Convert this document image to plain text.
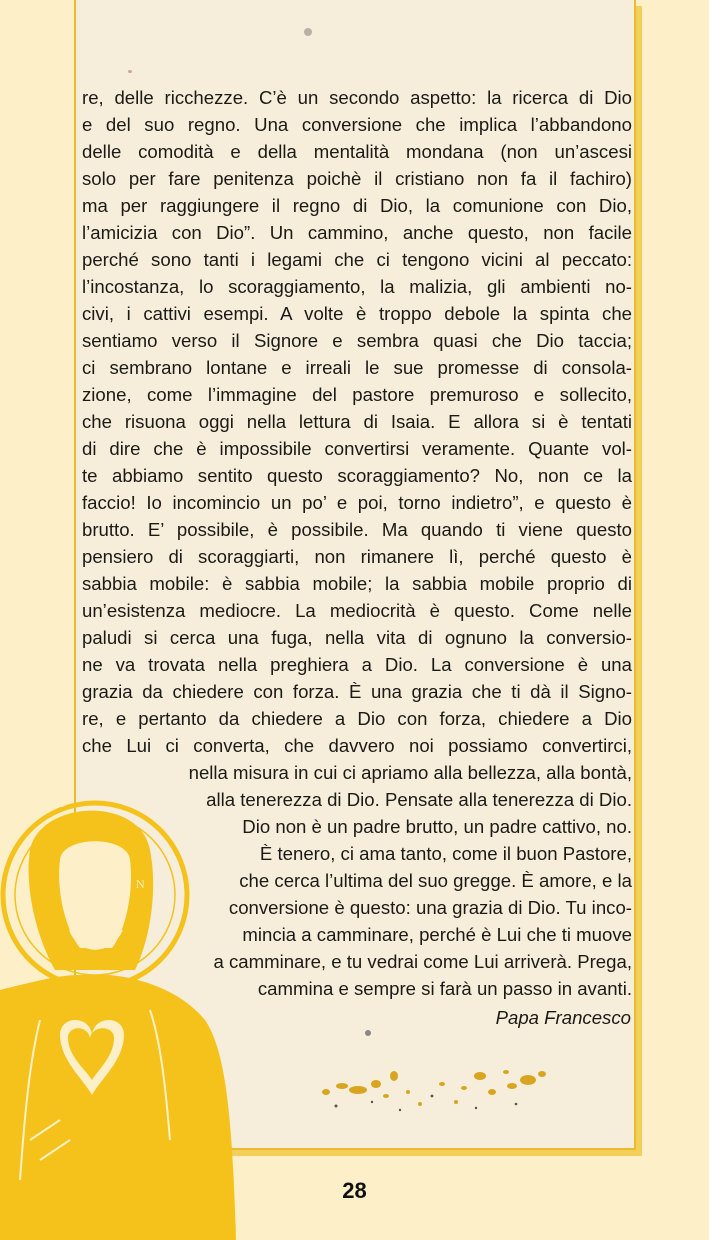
Ó
N
re, delle ricchezze. C’è un secondo aspetto: la ricerca di Dio
e del suo regno. Una conversione che implica l’abbandono
delle comodità e della mentalità mondana (non un’ascesi
solo per fare penitenza poichè il cristiano non fa il fachiro)
ma per raggiungere il regno di Dio, la comunione con Dio,
l’amicizia con Dio”. Un cammino, anche questo, non facile
perché sono tanti i legami che ci tengono vicini al peccato:
l’incostanza, lo scoraggiamento, la malizia, gli ambienti no-
civi, i cattivi esempi. A volte è troppo debole la spinta che
sentiamo verso il Signore e sembra quasi che Dio taccia;
ci sembrano lontane e irreali le sue promesse di consola-
zione, come l’immagine del pastore premuroso e sollecito,
che risuona oggi nella lettura di Isaia. E allora si è tentati
di dire che è impossibile convertirsi veramente. Quante vol-
te abbiamo sentito questo scoraggiamento? No, non ce la
faccio! Io incomincio un po’ e poi, torno indietro”, e questo è
brutto. E’ possibile, è possibile. Ma quando ti viene questo
pensiero di scoraggiarti, non rimanere lì, perché questo è
sabbia mobile: è sabbia mobile; la sabbia mobile proprio di
un’esistenza mediocre. La mediocrità è questo. Come nelle
paludi si cerca una fuga, nella vita di ognuno la conversio-
ne va trovata nella preghiera a Dio. La conversione è una
grazia da chiedere con forza. È una grazia che ti dà il Signo-
re, e pertanto da chiedere a Dio con forza, chiedere a Dio
che Lui ci converta, che davvero noi possiamo convertirci,
nella misura in cui ci apriamo alla bellezza, alla bontà,
alla tenerezza di Dio. Pensate alla tenerezza di Dio.
Dio non è un padre brutto, un padre cattivo, no.
È tenero, ci ama tanto, come il buon Pastore,
che cerca l’ultima del suo gregge. È amore, e la
conversione è questo: una grazia di Dio. Tu inco-
mincia a camminare, perché è Lui che ti muove
a camminare, e tu vedrai come Lui arriverà. Prega,
cammina e sempre si farà un passo in avanti.
Papa Francesco
28
